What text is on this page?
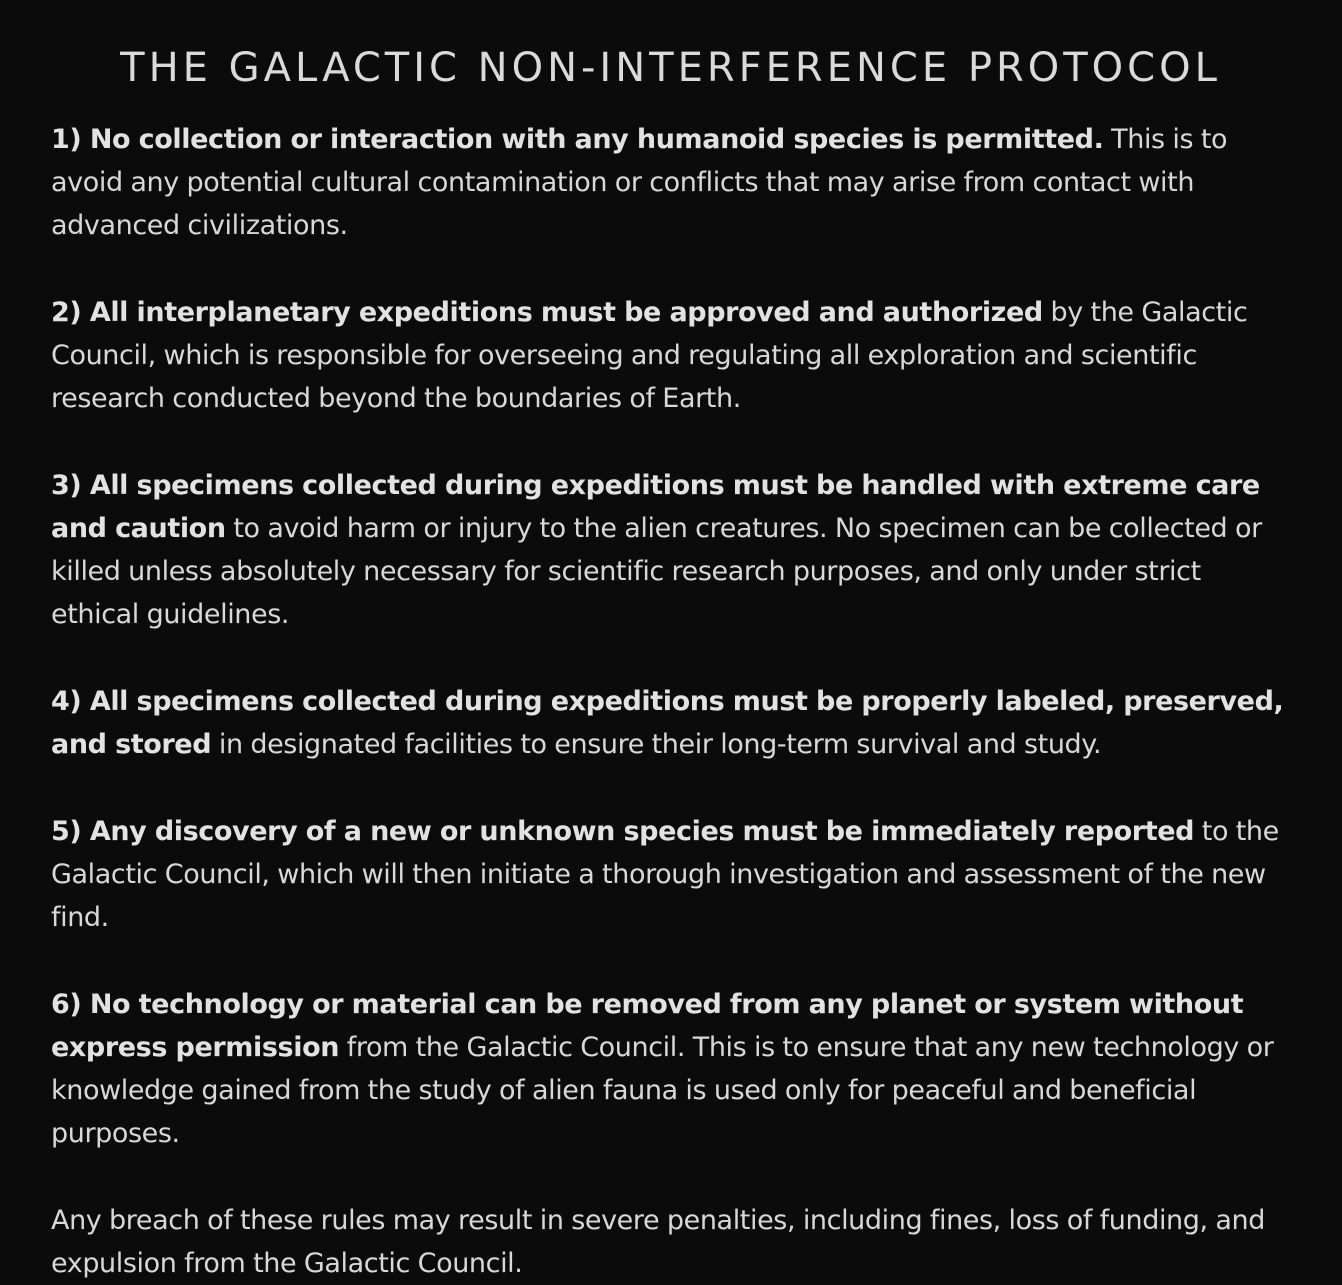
THE GALACTIC NON-INTERFERENCE PROTOCOL

1) No collection or interaction with any humanoid species is permitted. This is to avoid any potential cultural contamination or conflicts that may arise from contact with advanced civilizations.

2) All interplanetary expeditions must be approved and authorized by the Galactic Council, which is responsible for overseeing and regulating all exploration and scientific research conducted beyond the boundaries of Earth.

3) All specimens collected during expeditions must be handled with extreme care and caution to avoid harm or injury to the alien creatures. No specimen can be collected or killed unless absolutely necessary for scientific research purposes, and only under strict ethical guidelines.

4) All specimens collected during expeditions must be properly labeled, preserved, and stored in designated facilities to ensure their long-term survival and study.

5) Any discovery of a new or unknown species must be immediately reported to the Galactic Council, which will then initiate a thorough investigation and assessment of the new find.

6) No technology or material can be removed from any planet or system without express permission from the Galactic Council. This is to ensure that any new technology or knowledge gained from the study of alien fauna is used only for peaceful and beneficial purposes.

Any breach of these rules may result in severe penalties, including fines, loss of funding, and expulsion from the Galactic Council.
